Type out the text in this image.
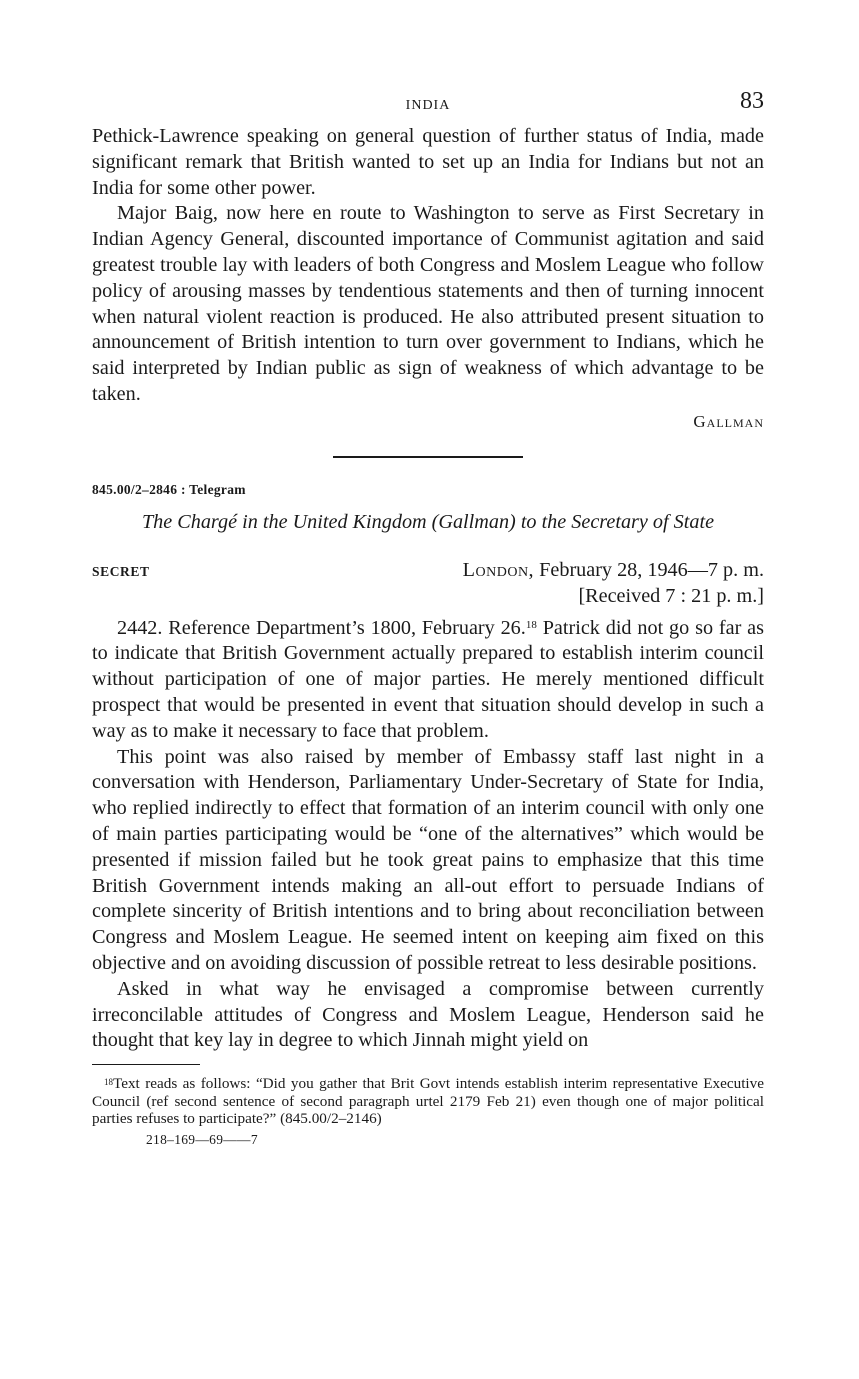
INDIA	83

Pethick-Lawrence speaking on general question of further status of India, made significant remark that British wanted to set up an India for Indians but not an India for some other power.

Major Baig, now here en route to Washington to serve as First Secretary in Indian Agency General, discounted importance of Communist agitation and said greatest trouble lay with leaders of both Congress and Moslem League who follow policy of arousing masses by tendentious statements and then of turning innocent when natural violent reaction is produced. He also attributed present situation to announcement of British intention to turn over government to Indians, which he said interpreted by Indian public as sign of weakness of which advantage to be taken.

Gallman
845.00/2–2846 : Telegram
The Chargé in the United Kingdom (Gallman) to the Secretary of State
SECRET	London, February 28, 1946—7 p. m.
[Received 7 : 21 p. m.]

2442. Reference Department’s 1800, February 26.18 Patrick did not go so far as to indicate that British Government actually prepared to establish interim council without participation of one of major parties. He merely mentioned difficult prospect that would be presented in event that situation should develop in such a way as to make it necessary to face that problem.

This point was also raised by member of Embassy staff last night in a conversation with Henderson, Parliamentary Under-Secretary of State for India, who replied indirectly to effect that formation of an interim council with only one of main parties participating would be “one of the alternatives” which would be presented if mission failed but he took great pains to emphasize that this time British Government intends making an all-out effort to persuade Indians of complete sincerity of British intentions and to bring about reconciliation between Congress and Moslem League. He seemed intent on keeping aim fixed on this objective and on avoiding discussion of possible retreat to less desirable positions.

Asked in what way he envisaged a compromise between currently irreconcilable attitudes of Congress and Moslem League, Henderson said he thought that key lay in degree to which Jinnah might yield on

$^{18}$Text reads as follows: “Did you gather that Brit Govt intends establish interim representative Executive Council (ref second sentence of second paragraph urtel 2179 Feb 21) even though one of major political parties refuses to participate?” (845.00/2–2146)
218–169—69——7
